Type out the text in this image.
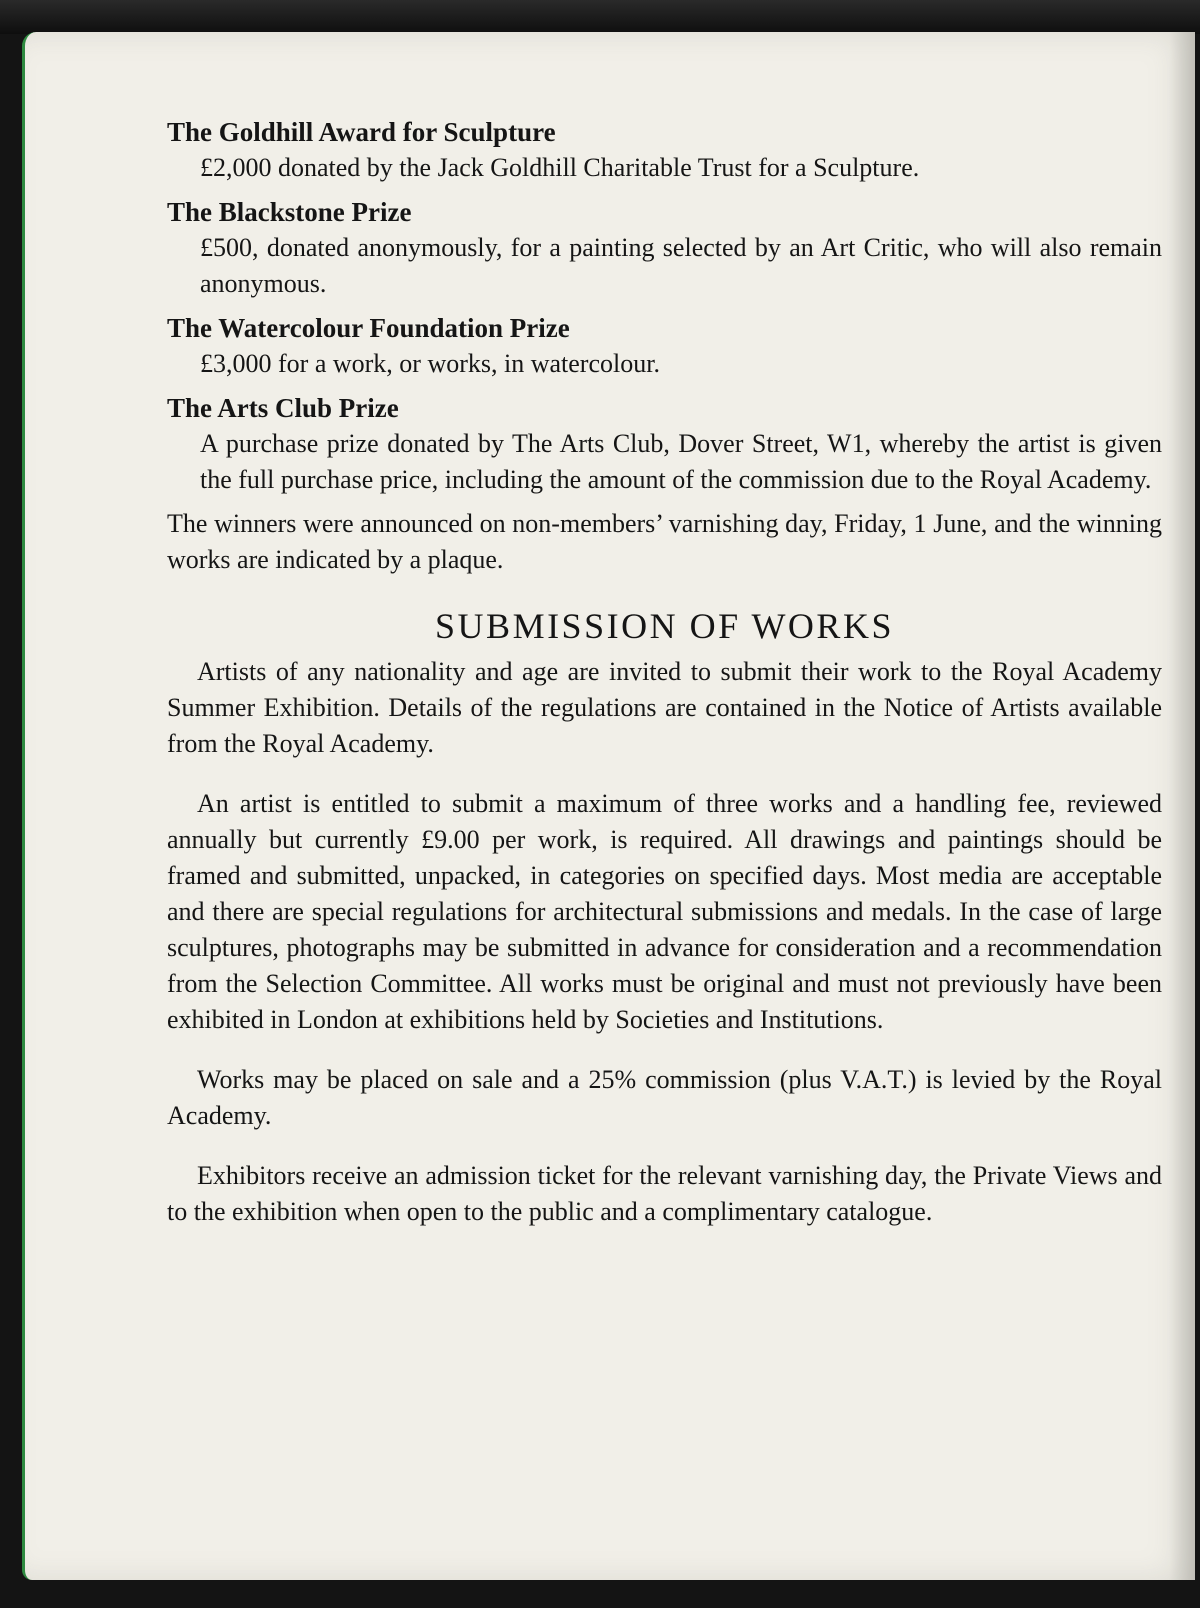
The Goldhill Award for Sculpture

£2,000 donated by the Jack Goldhill Charitable Trust for a Sculpture.

The Blackstone Prize

£500, donated anonymously, for a painting selected by an Art Critic, who will also remain anonymous.

The Watercolour Foundation Prize

£3,000 for a work, or works, in watercolour.

The Arts Club Prize

A purchase prize donated by The Arts Club, Dover Street, W1, whereby the artist is given the full purchase price, including the amount of the commission due to the Royal Academy.

The winners were announced on non-members’ varnishing day, Friday, 1 June, and the winning works are indicated by a plaque.

SUBMISSION OF WORKS

Artists of any nationality and age are invited to submit their work to the Royal Academy Summer Exhibition. Details of the regulations are contained in the Notice of Artists available from the Royal Academy.

An artist is entitled to submit a maximum of three works and a handling fee, reviewed annually but currently £9.00 per work, is required. All drawings and paintings should be framed and submitted, unpacked, in categories on specified days. Most media are acceptable and there are special regulations for architectural submissions and medals. In the case of large sculptures, photographs may be submitted in advance for consideration and a recommendation from the Selection Committee. All works must be original and must not previously have been exhibited in London at exhibitions held by Societies and Institutions.

Works may be placed on sale and a 25% commission (plus V.A.T.) is levied by the Royal Academy.

Exhibitors receive an admission ticket for the relevant varnishing day, the Private Views and to the exhibition when open to the public and a complimentary catalogue.
